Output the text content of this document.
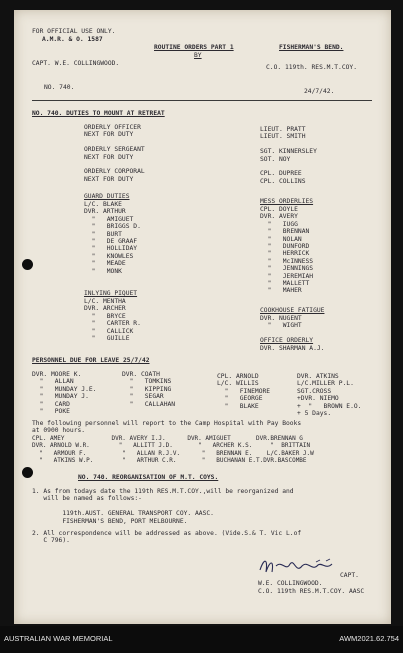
FOR OFFICIAL USE ONLY.
A.M.R. & O. 1587
ROUTINE ORDERS PART 1
BY
CAPT. W.E. COLLINGWOOD.
FISHERMAN'S BEND.
C.O. 119th. RES.M.T.COY.
NO. 740.
24/7/42.
NO. 740. DUTIES TO MOUNT AT RETREAT
ORDERLY OFFICER
NEXT FOR DUTY

ORDERLY SERGEANT
NEXT FOR DUTY

ORDERLY CORPORAL
NEXT FOR DUTY
LIEUT. PRATT
LIEUT. SMITH

SGT. KINNERSLEY
SOT. NOY

CPL. DUPREE
CPL. COLLINS
GUARD DUTIES
L/C. BLAKE
DVR. ARTHUR
"   AMIGUET
"   BRIGGS D.
"   BURT
"   DE GRAAF
"   HOLLIDAY
"   KNOWLES
"   MEADE
"   MONK
INLYING PIQUET
L/C. MENTHA
DVR. ARCHER
"   BRYCE
"   CARTER R.
"   CALLICK
"   GUILLE
MESS ORDERLIES
CPL. DOYLE
DVR. AVERY
"   IUGG
"   BRENNAN
"   NOLAN
"   DUNFORD
"   HERRICK
"   McINNESS
"   JENNINGS
"   JEREMIAH
"   MALLETT
"   MAHER
COOKHOUSE FATIGUE
DVR. NUGENT
"   WIGHT
OFFICE ORDERLY
DVR. SHARMAN A.J.
PERSONNEL DUE FOR LEAVE 25/7/42
DVR. MOORE K.
"   ALLAN
"   MUNDAY J.E.
"   MUNDAY J.
"   CARD
"   POKE
DVR. COATH
"   TOMKINS
"   KIPPING
"   SEGAR
"   CALLAHAN
CPL. ARNOLD
L/C. WILLIS
"   FINEMORE
"   GEORGE
"   BLAKE
DVR. ATKINS
L/C.MILLER P.L.
SGT.CROSS
+DVR. NIEMO
+  "   BROWN E.O.
+ 5 Days.
The following personnel will report to the Camp Hospital with Pay Books
at 0900 hours.
CPL. AMEY             DVR. AVERY I.J.      DVR. AMIGUET       DVR.BRENNAN G
DVR. ARNOLD W.R.        "   ALLITT J.D.       "   ARCHER K.S.     "  BRITTAIN
"   ARMOUR F.          "   ALLAN R.J.V.      "   BRENNAN E.    L/C.BAKER J.W
"   ATKINS W.P.        "   ARTHUR C.R.       "   BUCHANAN E.T.DVR.BASCOMBE
NO. 740. REORGANISATION OF M.T. COYS.
1. As from todays date the 119th RES.M.T.COY.,will be reorganized and
will be named as follows:-

119th.AUST. GENERAL TRANSPORT COY. AASC.
FISHERMAN'S BEND, PORT MELBOURNE.
2. All correspondence will be addressed as above. (Vide.S.& T. Vic L.of
C 796).
CAPT.
W.E. COLLINGWOOD.
C.O. 119th RES.M.T.COY. AASC
AUSTRALIAN WAR MEMORIAL	AWM2021.62.754
